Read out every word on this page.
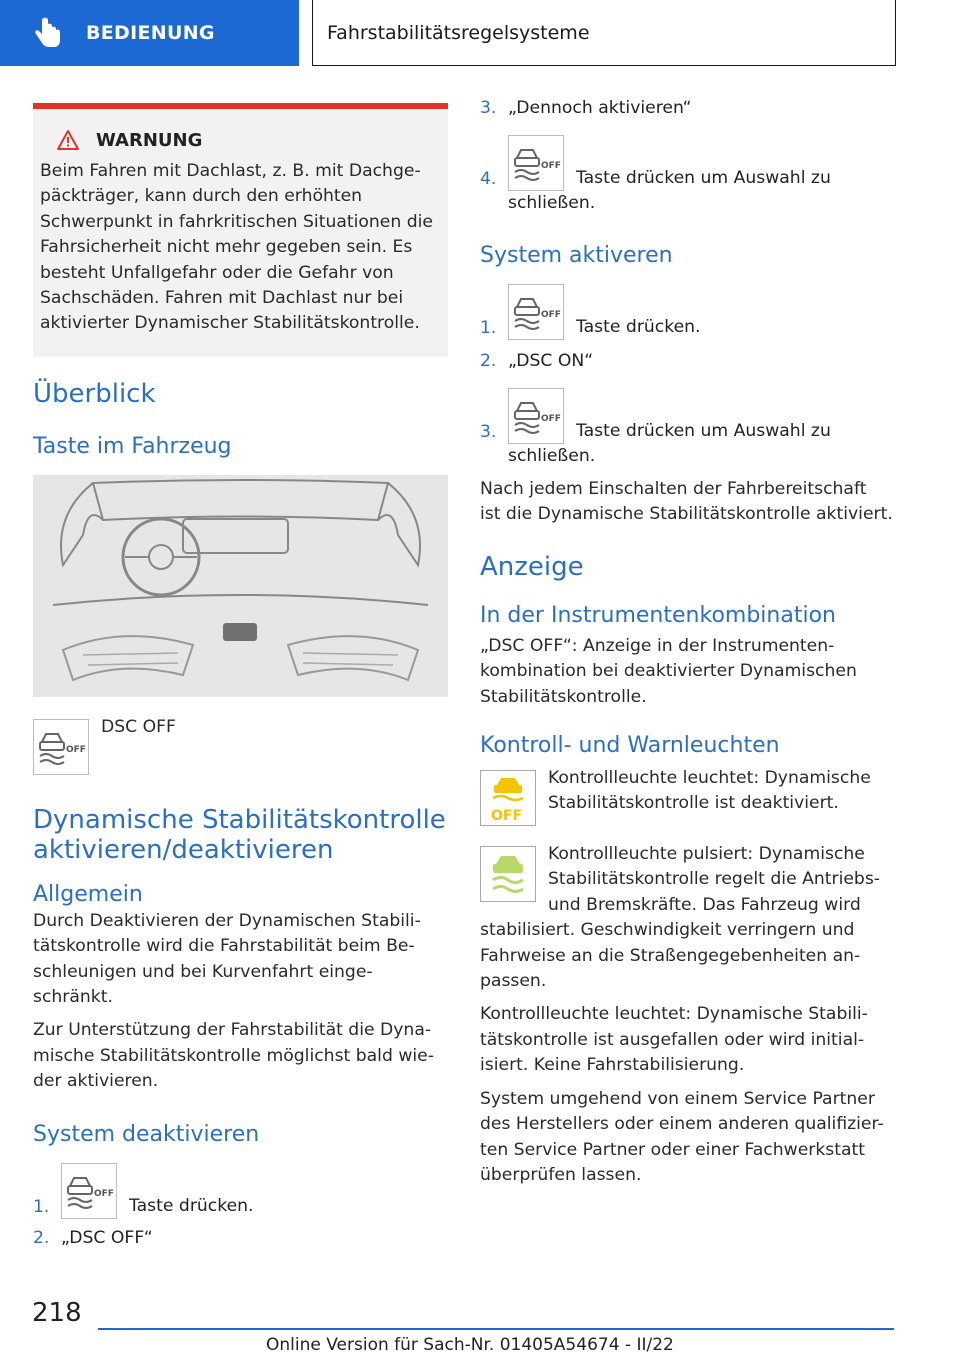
BEDIENUNG	Fahrstabilitätsregelsysteme
WARNUNG
Beim Fahren mit Dachlast, z. B. mit Dachge-
päckträger, kann durch den erhöhten
Schwerpunkt in fahrkritischen Situationen die
Fahrsicherheit nicht mehr gegeben sein. Es
besteht Unfallgefahr oder die Gefahr von
Sachschäden. Fahren mit Dachlast nur bei
aktivierter Dynamischer Stabilitätskontrolle.
Überblick
Taste im Fahrzeug
OFF
DSC OFF
Dynamische Stabilitätskontrolle
aktivieren/deaktivieren
Allgemein
Durch Deaktivieren der Dynamischen Stabili-
tätskontrolle wird die Fahrstabilität beim Be-
schleunigen und bei Kurvenfahrt einge-
schränkt.
Zur Unterstützung der Fahrstabilität die Dyna-
mische Stabilitätskontrolle möglichst bald wie-
der aktivieren.
System deaktivieren
1.
OFF
Taste drücken.
2. „DSC OFF“
3. „Dennoch aktivieren“
4.
OFF
Taste drücken um Auswahl zu
schließen.
System aktiveren
1.
OFF
Taste drücken.
2. „DSC ON“
3.
OFF
Taste drücken um Auswahl zu
schließen.
Nach jedem Einschalten der Fahrbereitschaft
ist die Dynamische Stabilitätskontrolle aktiviert.
Anzeige
In der Instrumentenkombination
„DSC OFF“: Anzeige in der Instrumenten-
kombination bei deaktivierter Dynamischen
Stabilitätskontrolle.
Kontroll- und Warnleuchten
OFF
Kontrollleuchte leuchtet: Dynamische
Stabilitätskontrolle ist deaktiviert.
Kontrollleuchte pulsiert: Dynamische
Stabilitätskontrolle regelt die Antriebs-
und Bremskräfte. Das Fahrzeug wird
stabilisiert. Geschwindigkeit verringern und
Fahrweise an die Straßengegebenheiten an-
passen.
Kontrollleuchte leuchtet: Dynamische Stabili-
tätskontrolle ist ausgefallen oder wird initial-
isiert. Keine Fahrstabilisierung.
System umgehend von einem Service Partner
des Herstellers oder einem anderen qualifizier-
ten Service Partner oder einer Fachwerkstatt
überprüfen lassen.
218
Online Version für Sach-Nr. 01405A54674 - II/22
